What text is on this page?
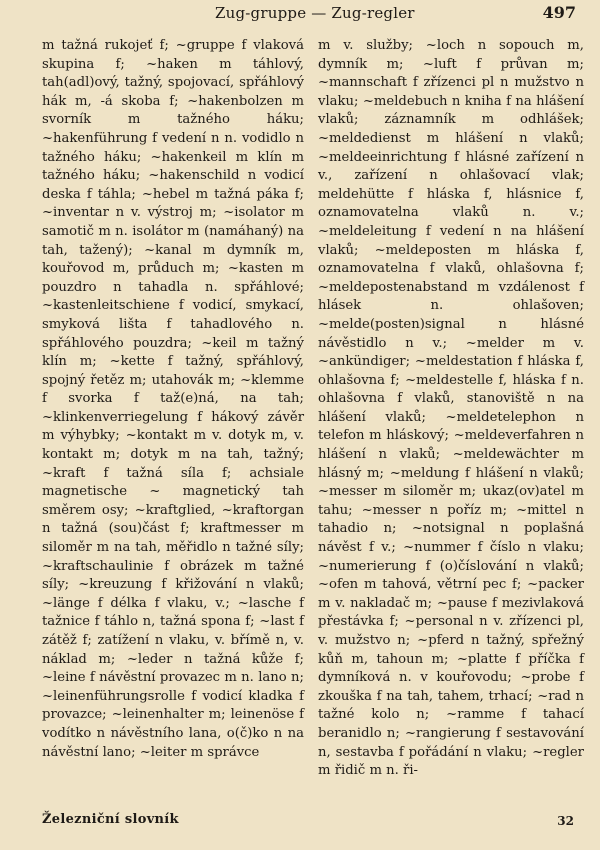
Zug-gruppe — Zug-regler	497

m tažná rukojeť f; ~gruppe f vlaková skupina f; ~haken m táhlový, tah(adl)ový, tažný, spojovací, spřáhlový hák m, -á skoba f; ~hakenbolzen m svorník m tažného háku; ~hakenführung f vedení n n. vodidlo n tažného háku; ~hakenkeil m klín m tažného háku; ~hakenschild n vodicí deska f táhla; ~hebel m tažná páka f; ~inventar n v. výstroj m; ~isolator m samotič m n. isolátor m (namáhaný) na tah, tažený); ~kanal m dymník m, kouřovod m, průduch m; ~kasten m pouzdro n tahadla n. spřáhlové; ~kastenleitschiene f vodicí, smykací, smyková lišta f tahadlového n. spřáhlového pouzdra; ~keil m tažný klín m; ~kette f tažný, spřáhlový, spojný řetěz m; utahovák m; ~klemme f svorka f taž(e)ná, na tah; ~klinkenverriegelung f hákový závěr m výhybky; ~kontakt m v. dotyk m, v. kontakt m; dotyk m na tah, tažný; ~kraft f tažná síla f; achsiale magnetische ~ magnetický tah směrem osy; ~kraftglied, ~kraftorgan n tažná (sou)část f; kraftmesser m siloměr m na tah, měřidlo n tažné síly; ~kraftschaulinie f obrázek m tažné síly; ~kreuzung f křižování n vlaků; ~länge f délka f vlaku, v.; ~lasche f tažnice f táhlo n, tažná spona f; ~last f zátěž f; zatížení n vlaku, v. břímě n, v. náklad m; ~leder n tažná kůže f; ~leine f návěstní provazec m n. lano n; ~leinenführungsrolle f vodicí kladka f provazce; ~leinenhalter m; leinenöse f vodítko n návěstního lana, o(č)ko n na návěstní lano; ~leiter m správce

m v. služby; ~loch n sopouch m, dymník m; ~luft f průvan m; ~mannschaft f zřízenci pl n mužstvo n vlaku; ~meldebuch n kniha f na hlášení vlaků; záznamník m odhlášek; ~meldedienst m hlášení n vlaků; ~meldeeinrichtung f hlásné zařízení n v., zařízení n ohlašovací vlak; meldehütte f hláska f, hlásnice f, oznamovatelna vlaků n. v.; ~meldeleitung f vedení n na hlášení vlaků; ~meldeposten m hláska f, oznamovatelna f vlaků, ohlašovna f; ~meldepostenabstand m vzdálenost f hlásek n. ohlašoven; ~melde(posten)signal n hlásné návěstidlo n v.; ~melder m v. ~ankündiger; ~meldestation f hláska f, ohlašovna f; ~meldestelle f, hláska f n. ohlašovna f vlaků, stanoviště n na hlášení vlaků; ~meldetelephon n telefon m hláskový; ~meldeverfahren n hlášení n vlaků; ~meldewächter m hlásný m; ~meldung f hlášení n vlaků; ~messer m siloměr m; ukaz(ov)atel m tahu; ~messer n poříz m; ~mittel n tahadio n; ~notsignal n poplašná návěst f v.; ~nummer f číslo n vlaku; ~numerierung f (o)číslování n vlaků; ~ofen m tahová, větrní pec f; ~packer m v. nakladač m; ~pause f mezivlaková přestávka f; ~personal n v. zřízenci pl, v. mužstvo n; ~pferd n tažný, spřežný kůň m, tahoun m; ~platte f příčka f dymníková n. v kouřovodu; ~probe f zkouška f na tah, tahem, trhací; ~rad n tažné kolo n; ~ramme f tahací beranidlo n; ~rangierung f sestavování n, sestavba f pořádání n vlaku; ~regler m řidič m n. ři-

Železniční slovník	32
